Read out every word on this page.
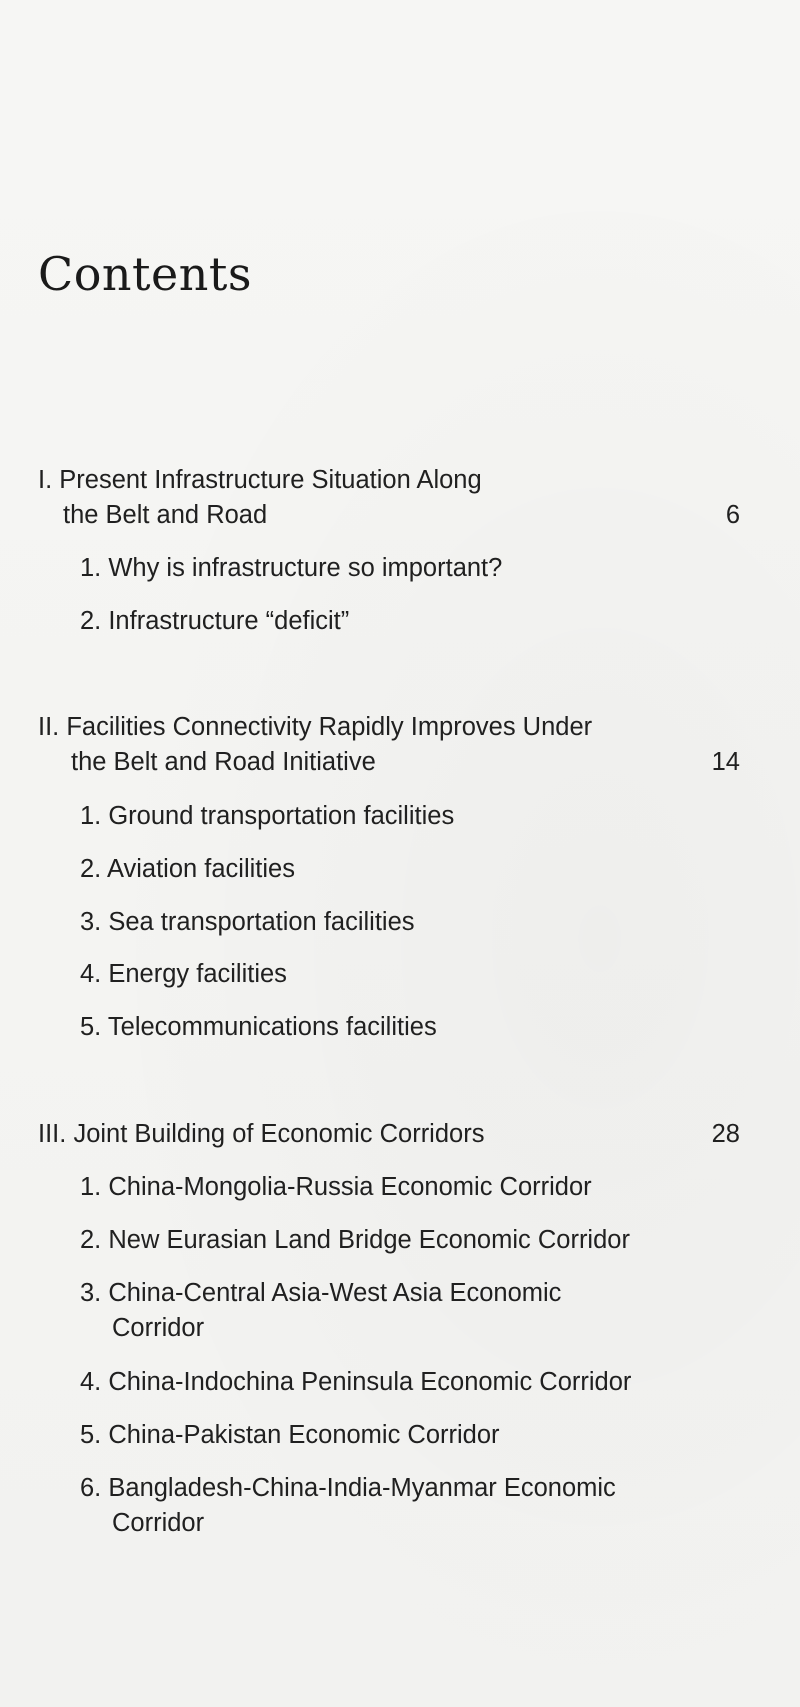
Contents
I. Present Infrastructure Situation Along
the Belt and Road	6
1. Why is infrastructure so important?
2. Infrastructure “deficit”
II. Facilities Connectivity Rapidly Improves Under
the Belt and Road Initiative	14
1. Ground transportation facilities
2. Aviation facilities
3. Sea transportation facilities
4. Energy facilities
5. Telecommunications facilities
III. Joint Building of Economic Corridors	28
1. China-Mongolia-Russia Economic Corridor
2. New Eurasian Land Bridge Economic Corridor
3. China-Central Asia-West Asia Economic
Corridor
4. China-Indochina Peninsula Economic Corridor
5. China-Pakistan Economic Corridor
6. Bangladesh-China-India-Myanmar Economic
Corridor
